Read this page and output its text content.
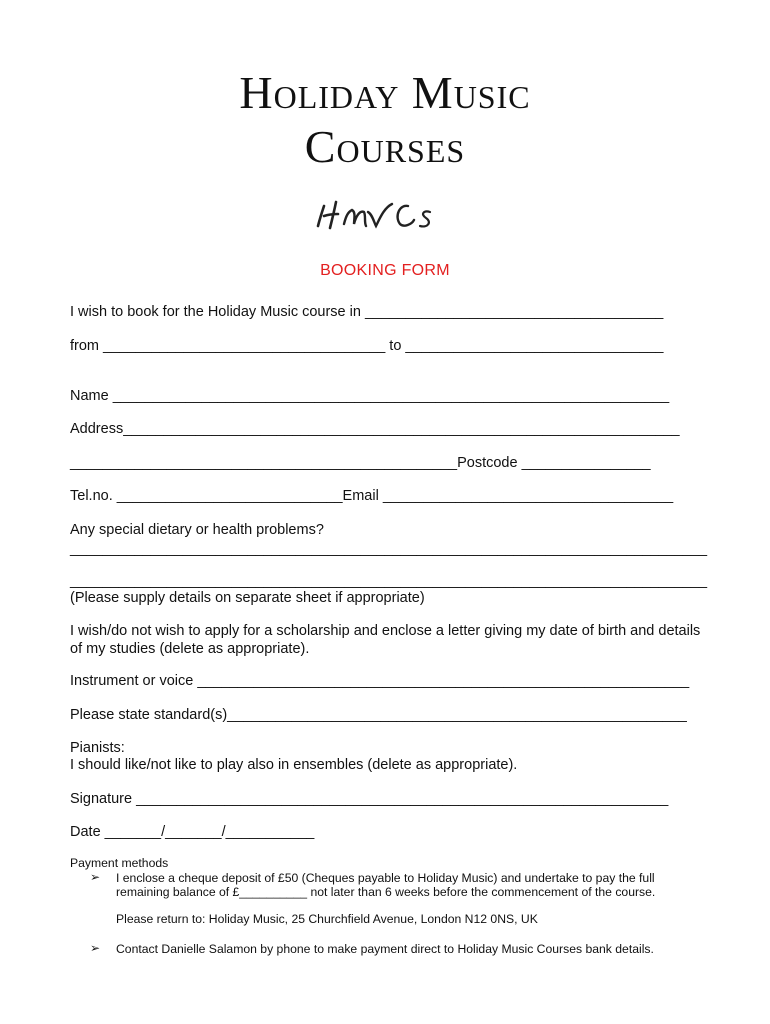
Holiday Music
Courses
BOOKING FORM
I wish to book for the Holiday Music course in _____________________________________
from ___________________________________ to ________________________________
Name _____________________________________________________________________
Address_____________________________________________________________________
________________________________________________Postcode ________________
Tel.no. ____________________________Email ____________________________________
Any special dietary or health problems?
_______________________________________________________________________________
_______________________________________________________________________________
(Please supply details on separate sheet if appropriate)
I wish/do not wish to apply for a scholarship and enclose a letter giving my date of birth and details of my studies (delete as appropriate).
Instrument or voice _____________________________________________________________
Please state standard(s)_________________________________________________________
Pianists:
I should like/not like to play also in ensembles (delete as appropriate).
Signature __________________________________________________________________
Date _______/_______/___________
Payment methods
➢ I enclose a cheque deposit of £50 (Cheques payable to Holiday Music) and undertake to pay the full
remaining balance of £__________ not later than 6 weeks before the commencement of the course.
Please return to: Holiday Music, 25 Churchfield Avenue, London N12 0NS, UK
➢ Contact Danielle Salamon by phone to make payment direct to Holiday Music Courses bank details.
